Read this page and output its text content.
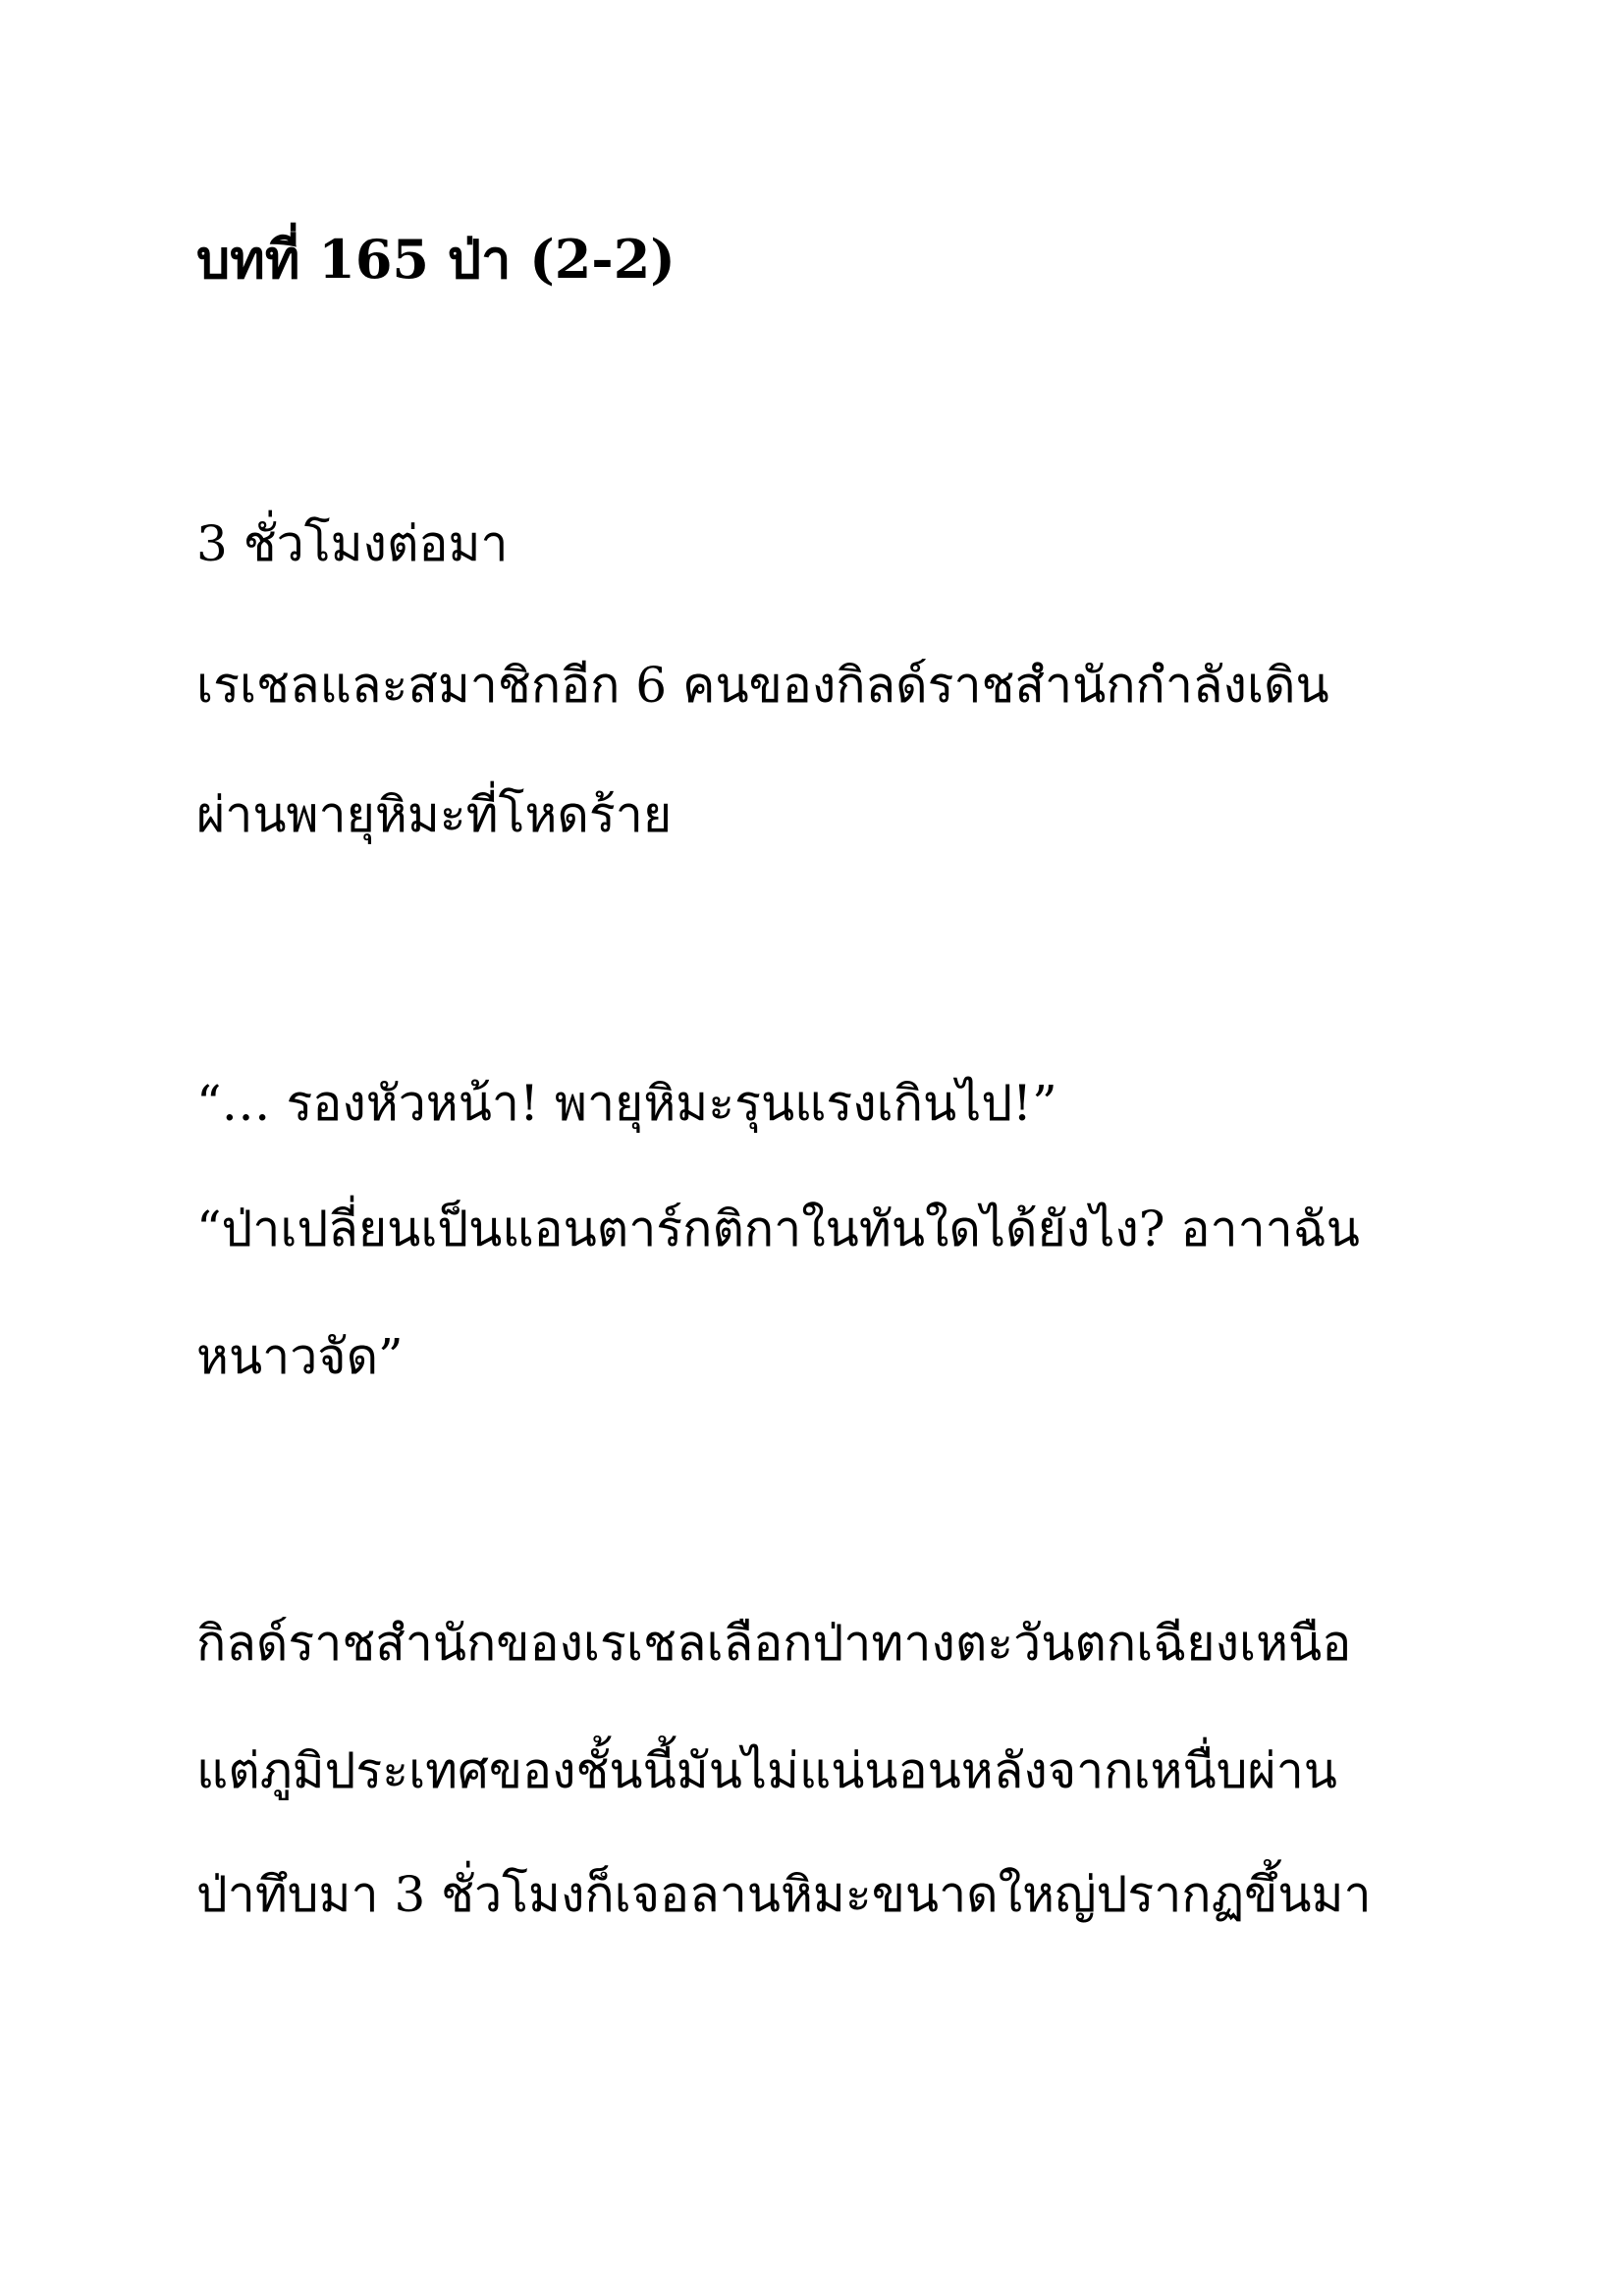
บทที่ 165 ป่า (2-2)

3 ชั่วโมงต่อมา

เรเชลและสมาชิกอีก 6 คนของกิลด์ราชสำนักกำลังเดิน

ผ่านพายุหิมะที่โหดร้าย

“… รองหัวหน้า! พายุหิมะรุนแรงเกินไป!”

“ป่าเปลี่ยนเป็นแอนตาร์กติกาในทันใดได้ยังไง? อาาาฉัน

หนาวจัด”

กิลด์ราชสำนักของเรเชลเลือกป่าทางตะวันตกเฉียงเหนือ

แต่ภูมิประเทศของชั้นนี้มันไม่แน่นอนหลังจากเหนื่บผ่าน

ป่าทึบมา 3 ชั่วโมงก็เจอลานหิมะขนาดใหญ่ปรากฏขึ้นมา
